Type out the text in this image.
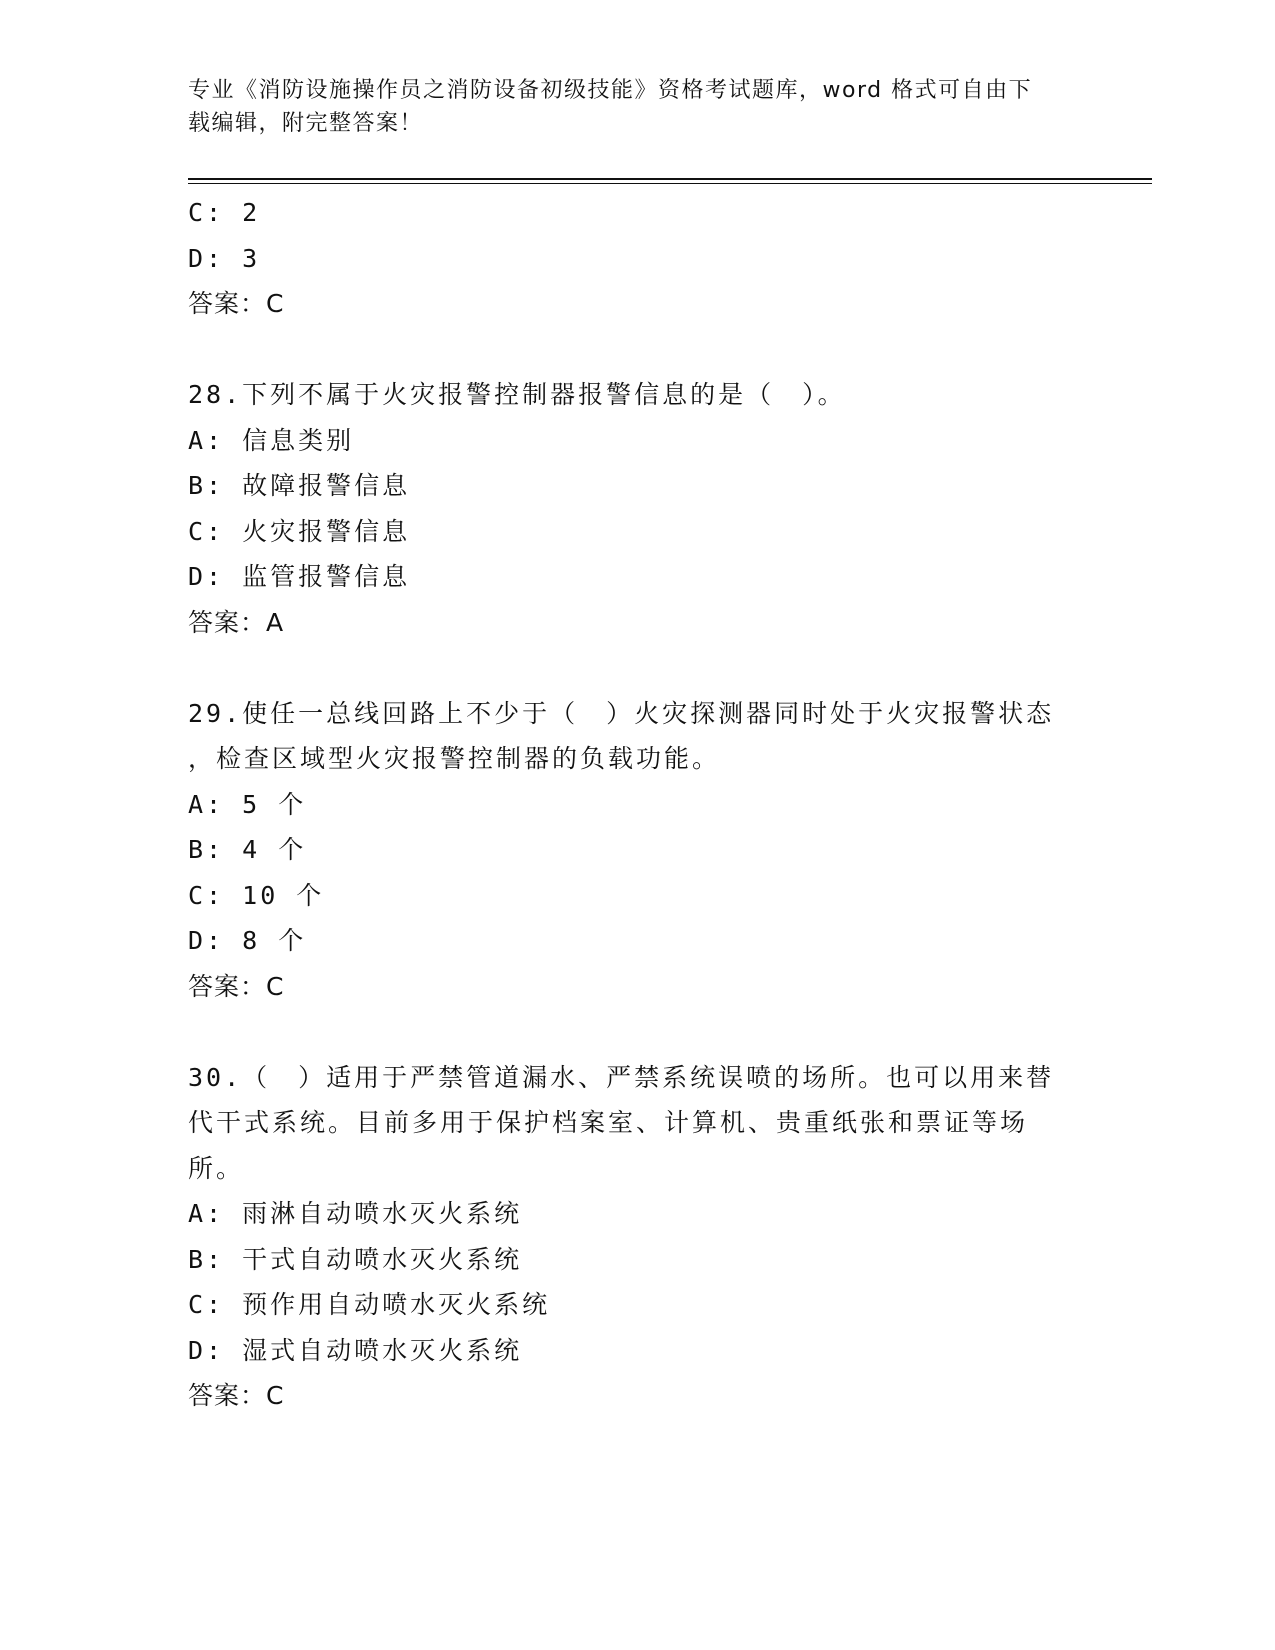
专业《消防设施操作员之消防设备初级技能》资格考试题库，word 格式可自由下
载编辑，附完整答案！
C: 2
D: 3
答案：C
28.下列不属于火灾报警控制器报警信息的是（　）。
A: 信息类别
B: 故障报警信息
C: 火灾报警信息
D: 监管报警信息
答案：A
29.使任一总线回路上不少于（　）火灾探测器同时处于火灾报警状态
，检查区域型火灾报警控制器的负载功能。
A: 5 个
B: 4 个
C: 10 个
D: 8 个
答案：C
30.（　）适用于严禁管道漏水、严禁系统误喷的场所。也可以用来替
代干式系统。目前多用于保护档案室、计算机、贵重纸张和票证等场
所。
A: 雨淋自动喷水灭火系统
B: 干式自动喷水灭火系统
C: 预作用自动喷水灭火系统
D: 湿式自动喷水灭火系统
答案：C
